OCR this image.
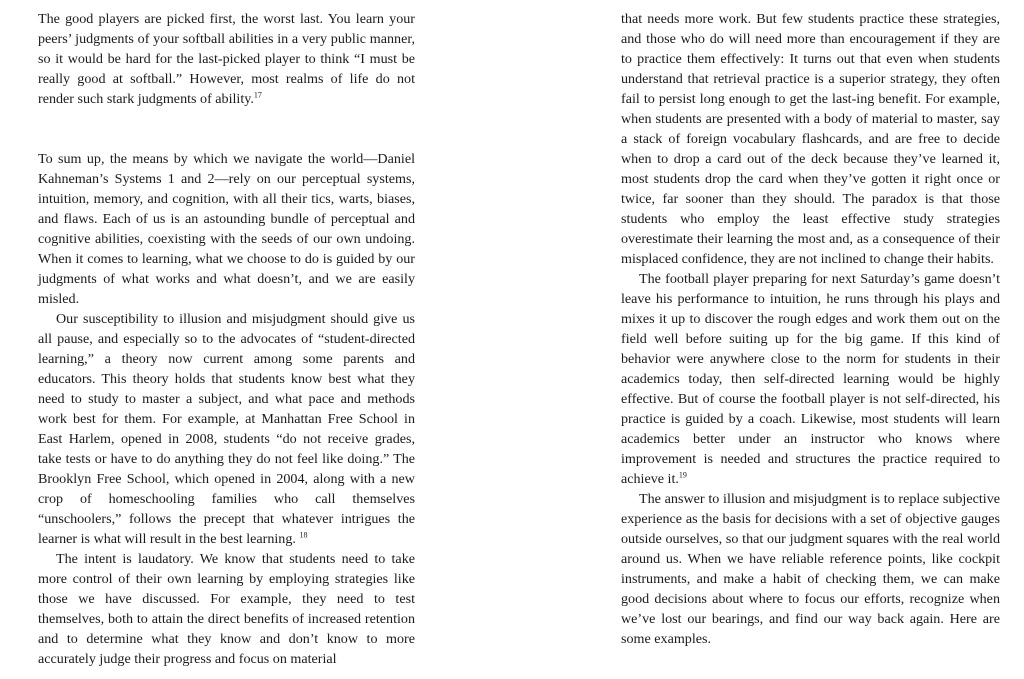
The good players are picked first, the worst last. You learn your peers’ judgments of your softball abilities in a very public manner, so it would be hard for the last-picked player to think “I must be really good at softball.” However, most realms of life do not render such stark judgments of ability.$^{17}$

To sum up, the means by which we navigate the world—Daniel Kahneman’s Systems 1 and 2—rely on our perceptual systems, intuition, memory, and cognition, with all their tics, warts, biases, and flaws. Each of us is an astounding bundle of perceptual and cognitive abilities, coexisting with the seeds of our own undoing. When it comes to learning, what we choose to do is guided by our judgments of what works and what doesn’t, and we are easily misled.

Our susceptibility to illusion and misjudgment should give us all pause, and especially so to the advocates of “student-directed learning,” a theory now current among some parents and educators. This theory holds that students know best what they need to study to master a subject, and what pace and methods work best for them. For example, at Manhattan Free School in East Harlem, opened in 2008, students “do not receive grades, take tests or have to do anything they do not feel like doing.” The Brooklyn Free School, which opened in 2004, along with a new crop of homeschooling families who call themselves “unschoolers,” follows the precept that whatever intrigues the learner is what will result in the best learning. $^{18}$

The intent is laudatory. We know that students need to take more control of their own learning by employing strategies like those we have discussed. For example, they need to test themselves, both to attain the direct benefits of increased retention and to determine what they know and don’t know to more accurately judge their progress and focus on material

that needs more work. But few students practice these strategies, and those who do will need more than encouragement if they are to practice them effectively: It turns out that even when students understand that retrieval practice is a superior strategy, they often fail to persist long enough to get the last-ing benefit. For example, when students are presented with a body of material to master, say a stack of foreign vocabulary flashcards, and are free to decide when to drop a card out of the deck because they’ve learned it, most students drop the card when they’ve gotten it right once or twice, far sooner than they should. The paradox is that those students who employ the least effective study strategies overestimate their learning the most and, as a consequence of their misplaced confidence, they are not inclined to change their habits.

The football player preparing for next Saturday’s game doesn’t leave his performance to intuition, he runs through his plays and mixes it up to discover the rough edges and work them out on the field well before suiting up for the big game. If this kind of behavior were anywhere close to the norm for students in their academics today, then self-directed learning would be highly effective. But of course the football player is not self-directed, his practice is guided by a coach. Likewise, most students will learn academics better under an instructor who knows where improvement is needed and structures the practice required to achieve it.$^{19}$

The answer to illusion and misjudgment is to replace subjective experience as the basis for decisions with a set of objective gauges outside ourselves, so that our judgment squares with the real world around us. When we have reliable reference points, like cockpit instruments, and make a habit of checking them, we can make good decisions about where to focus our efforts, recognize when we’ve lost our bearings, and find our way back again. Here are some examples.
